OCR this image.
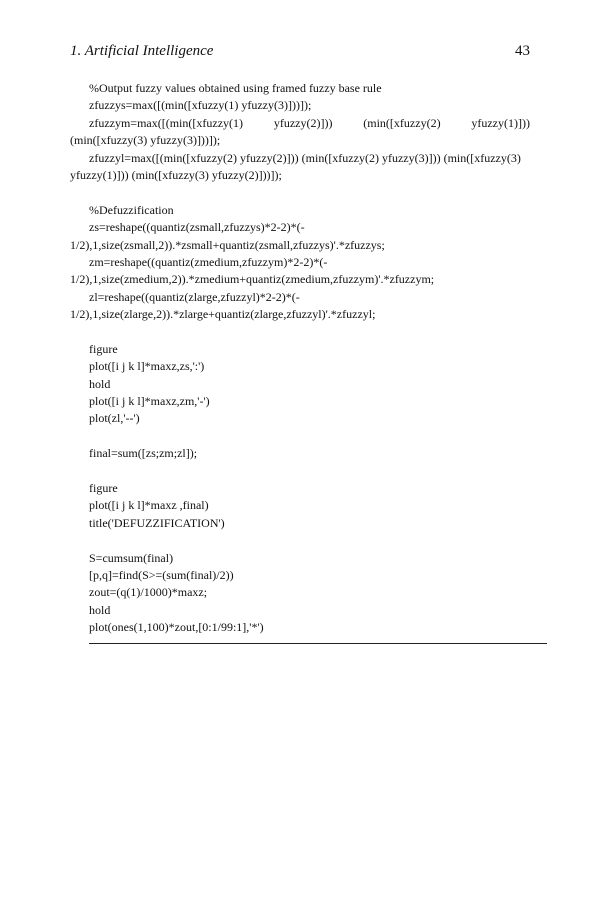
1. Artificial Intelligence	43
%Output fuzzy values obtained using framed fuzzy base rule
zfuzzys=max([(min([xfuzzy(1) yfuzzy(3)]))]);
zfuzzym=max([(min([xfuzzy(1)	yfuzzy(2)]))	(min([xfuzzy(2)	yfuzzy(1)]))
(min([xfuzzy(3) yfuzzy(3)]))]);
zfuzzyl=max([(min([xfuzzy(2) yfuzzy(2)])) (min([xfuzzy(2) yfuzzy(3)])) (min([xfuzzy(3)
yfuzzy(1)])) (min([xfuzzy(3) yfuzzy(2)]))]);
%Defuzzification
zs=reshape((quantiz(zsmall,zfuzzys)*2-2)*(-
1/2),1,size(zsmall,2)).*zsmall+quantiz(zsmall,zfuzzys)'.*zfuzzys;
zm=reshape((quantiz(zmedium,zfuzzym)*2-2)*(-
1/2),1,size(zmedium,2)).*zmedium+quantiz(zmedium,zfuzzym)'.*zfuzzym;
zl=reshape((quantiz(zlarge,zfuzzyl)*2-2)*(-
1/2),1,size(zlarge,2)).*zlarge+quantiz(zlarge,zfuzzyl)'.*zfuzzyl;
figure
plot([i j k l]*maxz,zs,':')
hold
plot([i j k l]*maxz,zm,'-')
plot(zl,'--')
final=sum([zs;zm;zl]);
figure
plot([i j k l]*maxz ,final)
title('DEFUZZIFICATION')
S=cumsum(final)
[p,q]=find(S>=(sum(final)/2))
zout=(q(1)/1000)*maxz;
hold
plot(ones(1,100)*zout,[0:1/99:1],'*')
